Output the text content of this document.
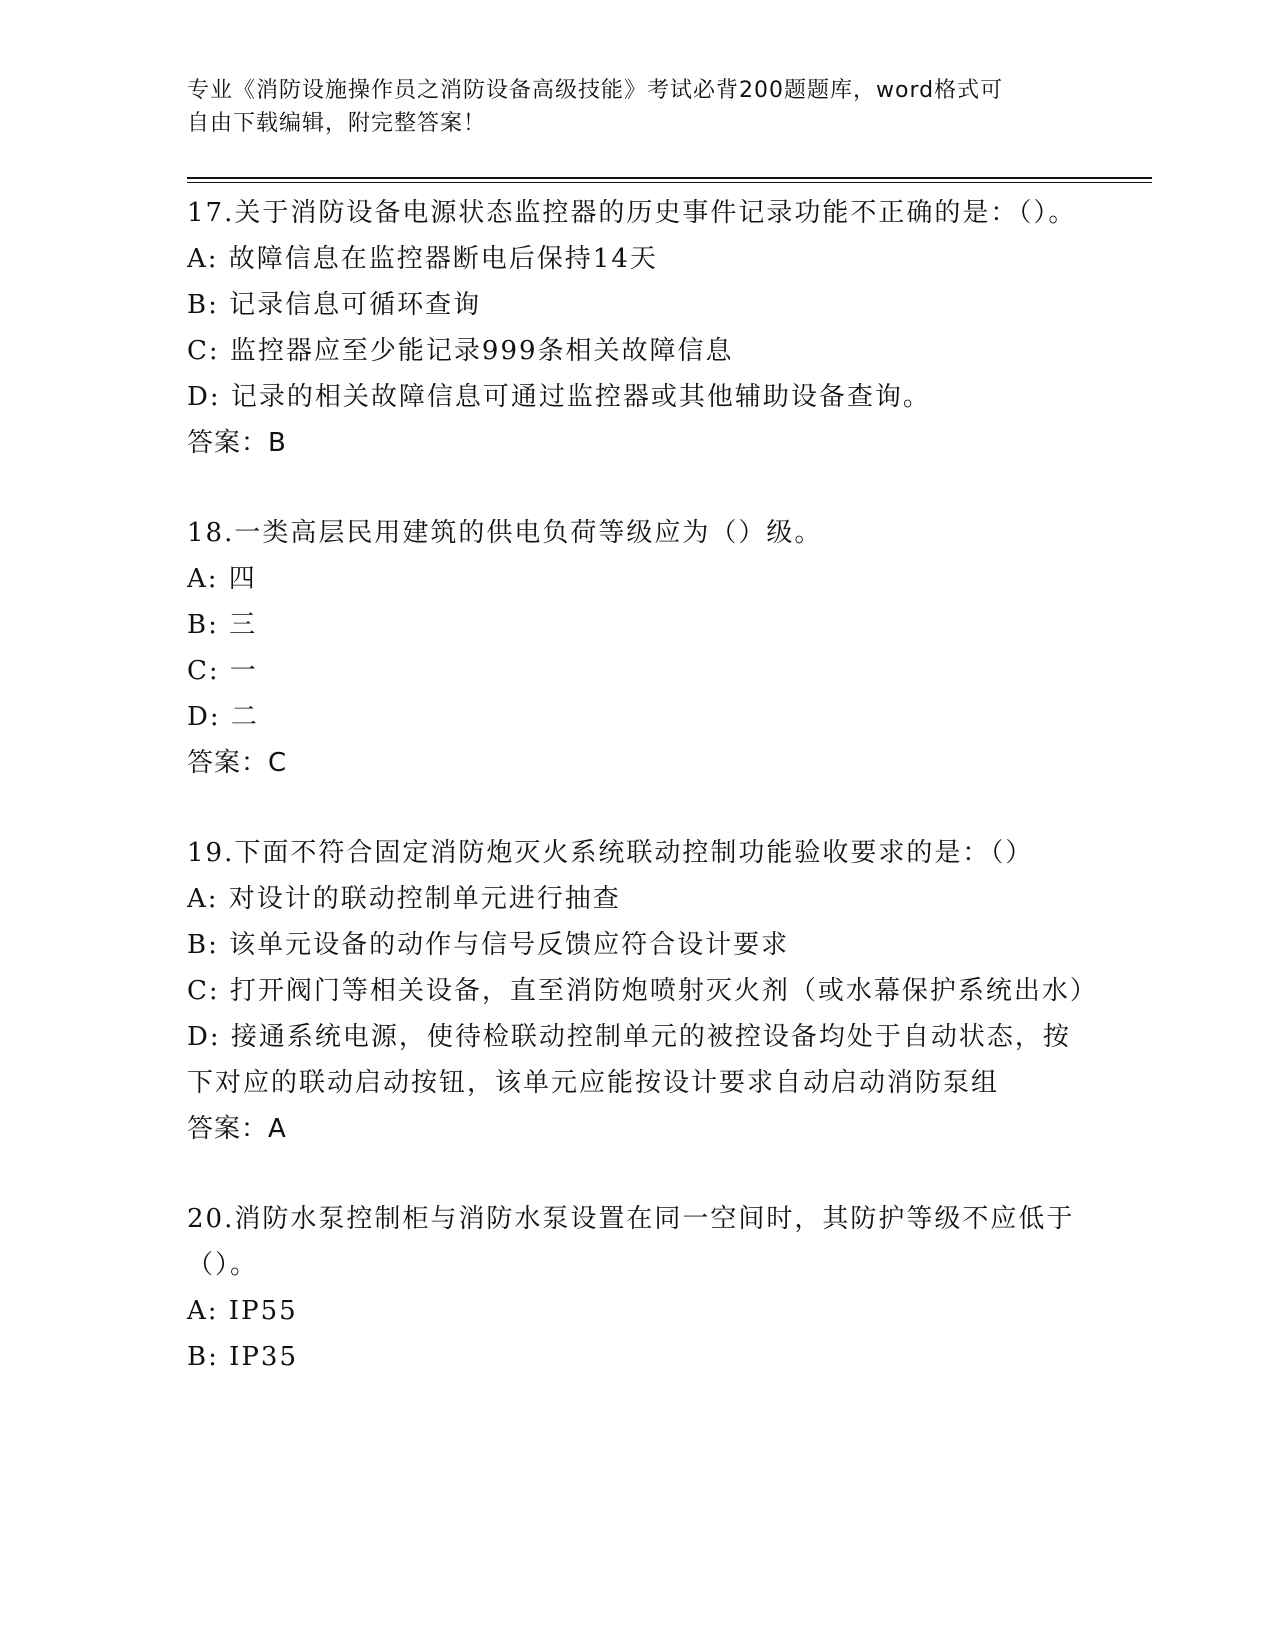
专业《消防设施操作员之消防设备高级技能》考试必背200题题库，word格式可
自由下载编辑，附完整答案！
17.关于消防设备电源状态监控器的历史事件记录功能不正确的是：（）。
A: 故障信息在监控器断电后保持14天
B: 记录信息可循环查询
C: 监控器应至少能记录999条相关故障信息
D: 记录的相关故障信息可通过监控器或其他辅助设备查询。
答案：B
18.一类高层民用建筑的供电负荷等级应为（）级。
A: 四
B: 三
C: 一
D: 二
答案：C
19.下面不符合固定消防炮灭火系统联动控制功能验收要求的是：（）
A: 对设计的联动控制单元进行抽查
B: 该单元设备的动作与信号反馈应符合设计要求
C: 打开阀门等相关设备，直至消防炮喷射灭火剂（或水幕保护系统出水）
D: 接通系统电源，使待检联动控制单元的被控设备均处于自动状态，按下对应的联动启动按钮，该单元应能按设计要求自动启动消防泵组
答案：A
20.消防水泵控制柜与消防水泵设置在同一空间时，其防护等级不应低于（）。
A: IP55
B: IP35
